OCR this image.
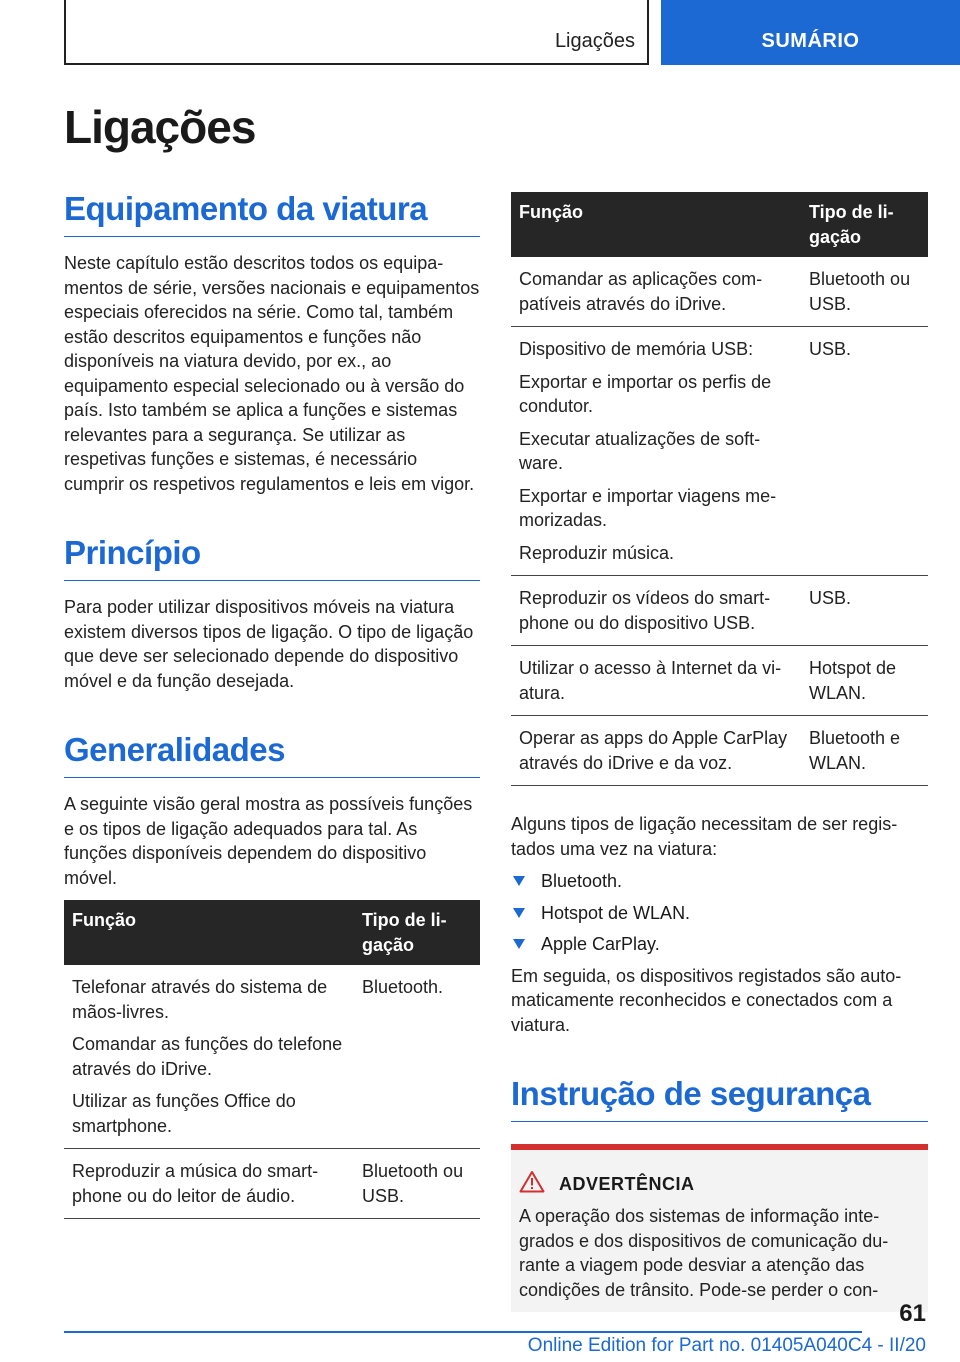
Ligações	SUMÁRIO
Ligações
Equipamento da viatura

Neste capítulo estão descritos todos os equipamentos de série, versões nacionais e equipamentos especiais oferecidos na série. Como tal, também estão descritos equipamentos e funções não disponíveis na viatura devido, por ex., ao equipamento especial selecionado ou à versão do país. Isto também se aplica a funções e sistemas relevantes para a segurança. Se utilizar as respetivas funções e sistemas, é necessário cumprir os respetivos regulamentos e leis em vigor.

Princípio

Para poder utilizar dispositivos móveis na viatura existem diversos tipos de ligação. O tipo de ligação que deve ser selecionado depende do dispositivo móvel e da função desejada.

Generalidades

A seguinte visão geral mostra as possíveis funções e os tipos de ligação adequados para tal. As funções disponíveis dependem do dispositivo móvel.

Função	Tipo de ligação

Telefonar através do sistema de mãos-livres.

Comandar as funções do telefone através do iDrive.

Utilizar as funções Office do smartphone.	Bluetooth.

Reproduzir a música do smartphone ou do leitor de áudio.	Bluetooth ou USB.
Função	Tipo de ligação

Comandar as aplicações compatíveis através do iDrive.	Bluetooth ou USB.

Dispositivo de memória USB:

Exportar e importar os perfis de condutor.

Executar atualizações de software.

Exportar e importar viagens memorizadas.

Reproduzir música.	USB.

Reproduzir os vídeos do smartphone ou do dispositivo USB.	USB.

Utilizar o acesso à Internet da viatura.	Hotspot de WLAN.

Operar as apps do Apple CarPlay através do iDrive e da voz.	Bluetooth e WLAN.

Alguns tipos de ligação necessitam de ser registados uma vez na viatura:

Bluetooth.
Hotspot de WLAN.
Apple CarPlay.

Em seguida, os dispositivos registados são automaticamente reconhecidos e conectados com a viatura.

Instrução de segurança
ADVERTÊNCIA

A operação dos sistemas de informação integrados e dos dispositivos de comunicação durante a viagem pode desviar a atenção das condições de trânsito. Pode-se perder o con-

61
Online Edition for Part no. 01405A040C4 - II/20
